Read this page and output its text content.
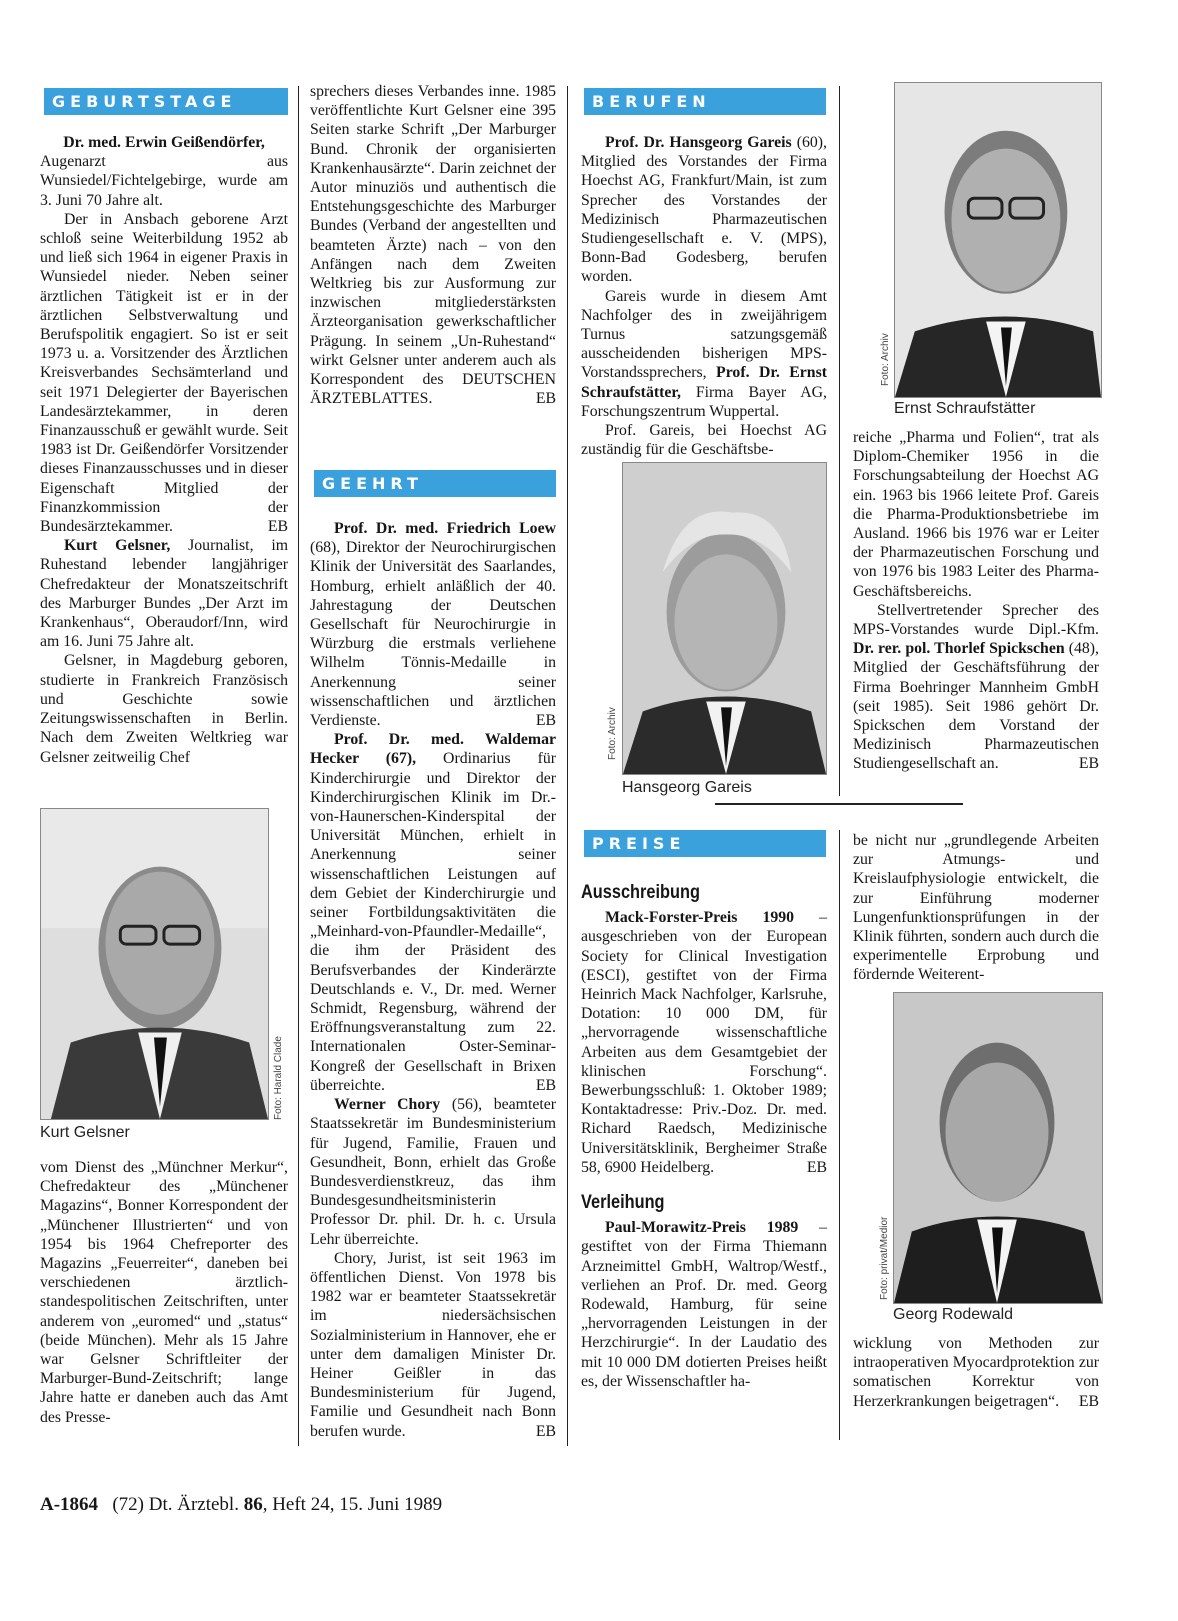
GEBURTSTAGE

Dr. med. Erwin Geißendörfer,
Augenarzt aus Wunsiedel/Fichtelgebirge, wurde am 3. Juni 70 Jahre alt.

Der in Ansbach geborene Arzt schloß seine Weiterbildung 1952 ab und ließ sich 1964 in eigener Praxis in Wunsiedel nieder. Neben seiner ärztlichen Tätigkeit ist er in der ärztlichen Selbstverwaltung und Berufspolitik engagiert. So ist er seit 1973 u. a. Vorsitzender des Ärztlichen Kreisverbandes Sechsämterland und seit 1971 Delegierter der Bayerischen Landesärztekammer, in deren Finanzausschuß er gewählt wurde. Seit 1983 ist Dr. Geißendörfer Vorsitzender dieses Finanzausschusses und in dieser Eigenschaft Mitglied der Finanzkommission der Bundesärztekammer.	EB

Kurt Gelsner, Journalist, im Ruhestand lebender langjähriger Chefredakteur der Monatszeitschrift des Marburger Bundes „Der Arzt im Krankenhaus“, Oberaudorf/Inn, wird am 16. Juni 75 Jahre alt.

Gelsner, in Magdeburg geboren, studierte in Frankreich Französisch und Geschichte sowie Zeitungswissenschaften in Berlin. Nach dem Zweiten Weltkrieg war Gelsner zeitweilig Chef

Foto: Harald Clade
Kurt Gelsner

vom Dienst des „Münchner Merkur“, Chefredakteur des „Münchener Magazins“, Bonner Korrespondent der „Münchener Illustrierten“ und von 1954 bis 1964 Chefreporter des Magazins „Feuerreiter“, daneben bei verschiedenen ärztlich-standespolitischen Zeitschriften, unter anderem von „euromed“ und „status“ (beide München). Mehr als 15 Jahre war Gelsner Schriftleiter der Marburger-Bund-Zeitschrift; lange Jahre hatte er daneben auch das Amt des Presse-

sprechers dieses Verbandes inne. 1985 veröffentlichte Kurt Gelsner eine 395 Seiten starke Schrift „Der Marburger Bund. Chronik der organisierten Krankenhausärzte“. Darin zeichnet der Autor minuziös und authentisch die Entstehungsgeschichte des Marburger Bundes (Verband der angestellten und beamteten Ärzte) nach – von den Anfängen nach dem Zweiten Weltkrieg bis zur Ausformung zur inzwischen mitgliederstärksten Ärzteorganisation gewerkschaftlicher Prägung. In seinem „Un-Ruhestand“ wirkt Gelsner unter anderem auch als Korrespondent des DEUTSCHEN ÄRZTEBLATTES.	EB

GEEHRT

Prof. Dr. med. Friedrich Loew (68), Direktor der Neurochirurgischen Klinik der Universität des Saarlandes, Homburg, erhielt anläßlich der 40. Jahrestagung der Deutschen Gesellschaft für Neurochirurgie in Würzburg die erstmals verliehene Wilhelm Tönnis-Medaille in Anerkennung seiner wissenschaftlichen und ärztlichen Verdienste.	EB

Prof. Dr. med. Waldemar Hecker (67), Ordinarius für Kinderchirurgie und Direktor der Kinderchirurgischen Klinik im Dr.-von-Haunerschen-Kinderspital der Universität München, erhielt in Anerkennung seiner wissenschaftlichen Leistungen auf dem Gebiet der Kinderchirurgie und seiner Fortbildungsaktivitäten die „Meinhard-von-Pfaundler-Medaille“, die ihm der Präsident des Berufsverbandes der Kinderärzte Deutschlands e. V., Dr. med. Werner Schmidt, Regensburg, während der Eröffnungsveranstaltung zum 22. Internationalen Oster-Seminar-Kongreß der Gesellschaft in Brixen überreichte.	EB

Werner Chory (56), beamteter Staatssekretär im Bundesministerium für Jugend, Familie, Frauen und Gesundheit, Bonn, erhielt das Große Bundesverdienstkreuz, das ihm Bundesgesundheitsministerin Professor Dr. phil. Dr. h. c. Ursula Lehr überreichte.

Chory, Jurist, ist seit 1963 im öffentlichen Dienst. Von 1978 bis 1982 war er beamteter Staatssekretär im niedersächsischen Sozialministerium in Hannover, ehe er unter dem damaligen Minister Dr. Heiner Geißler in das Bundesministerium für Jugend, Familie und Gesundheit nach Bonn berufen wurde.	EB

BERUFEN

Prof. Dr. Hansgeorg Gareis (60), Mitglied des Vorstandes der Firma Hoechst AG, Frankfurt/Main, ist zum Sprecher des Vorstandes der Medizinisch Pharmazeutischen Studiengesellschaft e. V. (MPS), Bonn-Bad Godesberg, berufen worden.

Gareis wurde in diesem Amt Nachfolger des in zweijährigem Turnus satzungsgemäß ausscheidenden bisherigen MPS-Vorstandssprechers, Prof. Dr. Ernst Schraufstätter, Firma Bayer AG, Forschungszentrum Wuppertal.

Prof. Gareis, bei Hoechst AG zuständig für die Geschäftsbe-

Foto: Archiv
Hansgeorg Gareis
PREISE
Ausschreibung

Mack-Forster-Preis 1990 – ausgeschrieben von der European Society for Clinical Investigation (ESCI), gestiftet von der Firma Heinrich Mack Nachfolger, Karlsruhe, Dotation: 10 000 DM, für „hervorragende wissenschaftliche Arbeiten aus dem Gesamtgebiet der klinischen Forschung“. Bewerbungsschluß: 1. Oktober 1989; Kontaktadresse: Priv.-Doz. Dr. med. Richard Raedsch, Medizinische Universitätsklinik, Bergheimer Straße 58, 6900 Heidelberg.	EB

Verleihung

Paul-Morawitz-Preis 1989 – gestiftet von der Firma Thiemann Arzneimittel GmbH, Waltrop/Westf., verliehen an Prof. Dr. med. Georg Rodewald, Hamburg, für seine „hervorragenden Leistungen in der Herzchirurgie“. In der Laudatio des mit 10 000 DM dotierten Preises heißt es, der Wissenschaftler ha-

Foto: Archiv
Ernst Schraufstätter

reiche „Pharma und Folien“, trat als Diplom-Chemiker 1956 in die Forschungsabteilung der Hoechst AG ein. 1963 bis 1966 leitete Prof. Gareis die Pharma-Produktionsbetriebe im Ausland. 1966 bis 1976 war er Leiter der Pharmazeutischen Forschung und von 1976 bis 1983 Leiter des Pharma-Geschäftsbereichs.

Stellvertretender Sprecher des MPS-Vorstandes wurde Dipl.-Kfm. Dr. rer. pol. Thorlef Spickschen (48), Mitglied der Geschäftsführung der Firma Boehringer Mannheim GmbH (seit 1985). Seit 1986 gehört Dr. Spickschen dem Vorstand der Medizinisch Pharmazeutischen Studiengesellschaft an.	EB

be nicht nur „grundlegende Arbeiten zur Atmungs- und Kreislaufphysiologie entwickelt, die zur Einführung moderner Lungenfunktionsprüfungen in der Klinik führten, sondern auch durch die experimentelle Erprobung und fördernde Weiterent-

Foto: privat/Medior
Georg Rodewald

wicklung von Methoden zur intraoperativen Myocardprotektion zur somatischen Korrektur von Herzerkrankungen beigetragen“. EB

A-1864 (72) Dt. Ärztebl. 86, Heft 24, 15. Juni 1989
